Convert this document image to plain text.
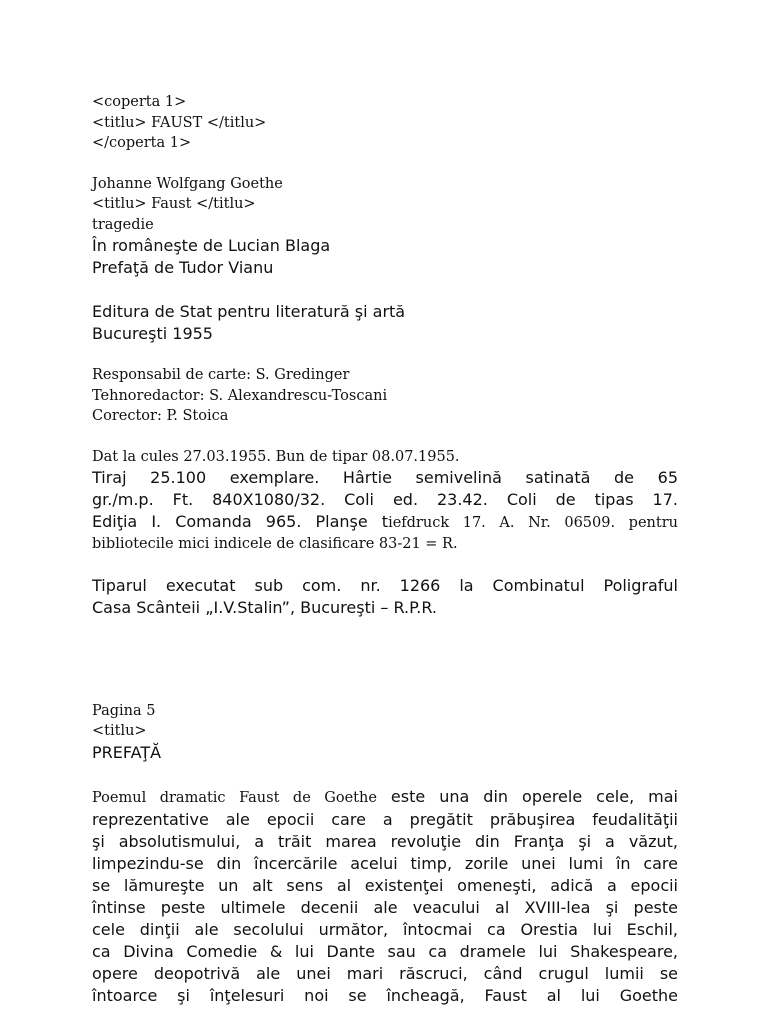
<coperta 1>
<titlu> FAUST </titlu>
</coperta 1>
Johanne Wolfgang Goethe
<titlu> Faust </titlu>
tragedie
În româneşte de Lucian Blaga
Prefaţă de Tudor Vianu
Editura de Stat pentru literatură şi artă
Bucureşti 1955
Responsabil de carte: S. Gredinger
Tehnoredactor: S. Alexandrescu-Toscani
Corector: P. Stoica
Dat la cules 27.03.1955. Bun de tipar 08.07.1955.
Tiraj 25.100 exemplare. Hârtie semivelină satinată de 65
gr./m.p. Ft. 840X1080/32. Coli ed. 23.42. Coli de tipas 17.
Ediţia I. Comanda 965. Planşe tiefdruck 17. A. Nr. 06509. pentru
bibliotecile mici indicele de clasificare 83-21 = R.
Tiparul executat sub com. nr. 1266 la Combinatul Poligraful
Casa Scânteii „I.V.Stalin”, Bucureşti – R.P.R.
Pagina 5
<titlu>
PREFAŢĂ
Poemul dramatic Faust de Goethe este una din operele cele, mai
reprezentative ale epocii care a pregătit prăbuşirea feudalităţii
şi absolutismului, a trăit marea revoluţie din Franţa şi a văzut,
limpezindu-se din încercările acelui timp, zorile unei lumi în care
se lămureşte un alt sens al existenţei omeneşti, adică a epocii
întinse peste ultimele decenii ale veacului al XVIII-lea şi peste
cele dinţii ale secolului următor, întocmai ca Orestia lui Eschil,
ca Divina Comedie & lui Dante sau ca dramele lui Shakespeare,
opere deopotrivă ale unei mari răscruci, când crugul lumii se
întoarce şi înţelesuri noi se încheagă, Faust al lui Goethe
